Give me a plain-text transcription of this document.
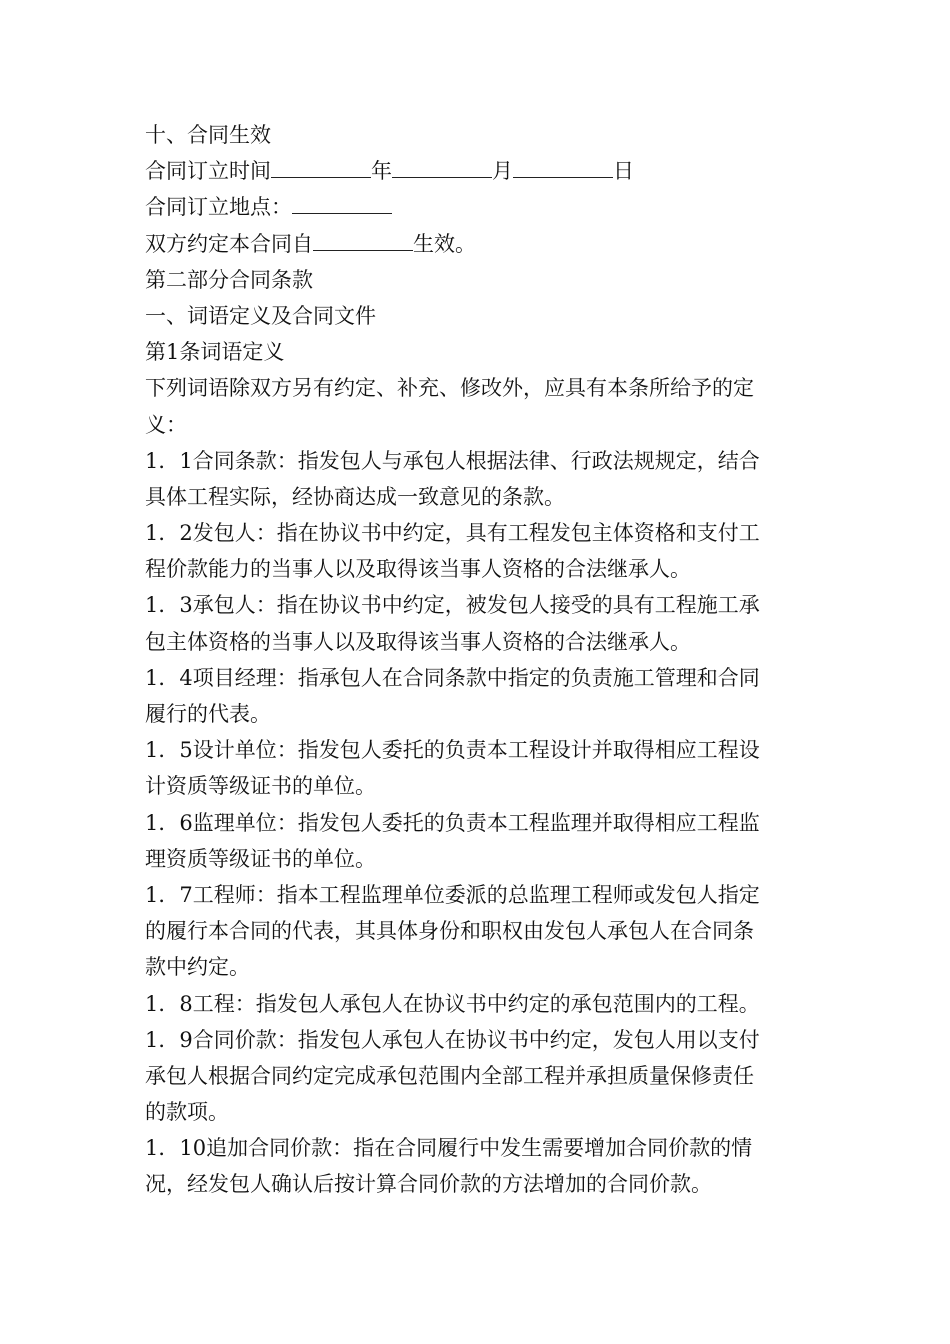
十、合同生效
合同订立时间	年	月	日
合同订立地点：
双方约定本合同自	生效。
第二部分合同条款
一、词语定义及合同文件
第1条词语定义
下列词语除双方另有约定、补充、修改外，应具有本条所给予的定
义：
1．1合同条款：指发包人与承包人根据法律、行政法规规定，结合
具体工程实际，经协商达成一致意见的条款。
1．2发包人：指在协议书中约定，具有工程发包主体资格和支付工
程价款能力的当事人以及取得该当事人资格的合法继承人。
1．3承包人：指在协议书中约定，被发包人接受的具有工程施工承
包主体资格的当事人以及取得该当事人资格的合法继承人。
1．4项目经理：指承包人在合同条款中指定的负责施工管理和合同
履行的代表。
1．5设计单位：指发包人委托的负责本工程设计并取得相应工程设
计资质等级证书的单位。
1．6监理单位：指发包人委托的负责本工程监理并取得相应工程监
理资质等级证书的单位。
1．7工程师：指本工程监理单位委派的总监理工程师或发包人指定
的履行本合同的代表，其具体身份和职权由发包人承包人在合同条
款中约定。
1．8工程：指发包人承包人在协议书中约定的承包范围内的工程。
1．9合同价款：指发包人承包人在协议书中约定，发包人用以支付
承包人根据合同约定完成承包范围内全部工程并承担质量保修责任
的款项。
1．10追加合同价款：指在合同履行中发生需要增加合同价款的情
况，经发包人确认后按计算合同价款的方法增加的合同价款。
